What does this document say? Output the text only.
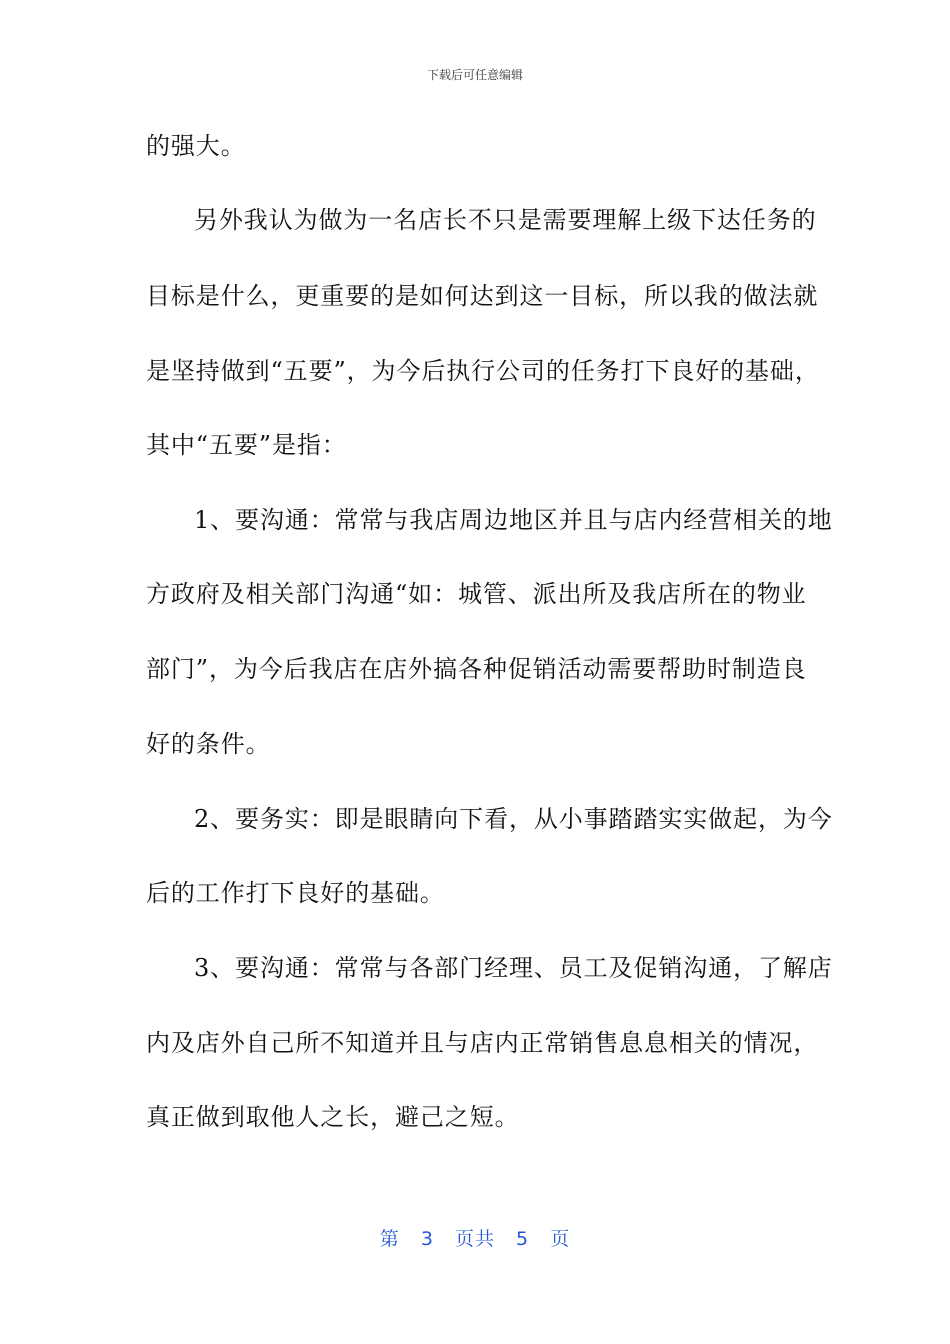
下载后可任意编辑
的强大。
另外我认为做为一名店长不只是需要理解上级下达任务的
目标是什么，更重要的是如何达到这一目标，所以我的做法就
是坚持做到“五要”，为今后执行公司的任务打下良好的基础，
其中“五要”是指：
1、要沟通：常常与我店周边地区并且与店内经营相关的地
方政府及相关部门沟通“如：城管、派出所及我店所在的物业
部门”，为今后我店在店外搞各种促销活动需要帮助时制造良
好的条件。
2、要务实：即是眼睛向下看，从小事踏踏实实做起，为今
后的工作打下良好的基础。
3、要沟通：常常与各部门经理、员工及促销沟通，了解店
内及店外自己所不知道并且与店内正常销售息息相关的情况，
真正做到取他人之长，避己之短。
第 3 页共 5 页
